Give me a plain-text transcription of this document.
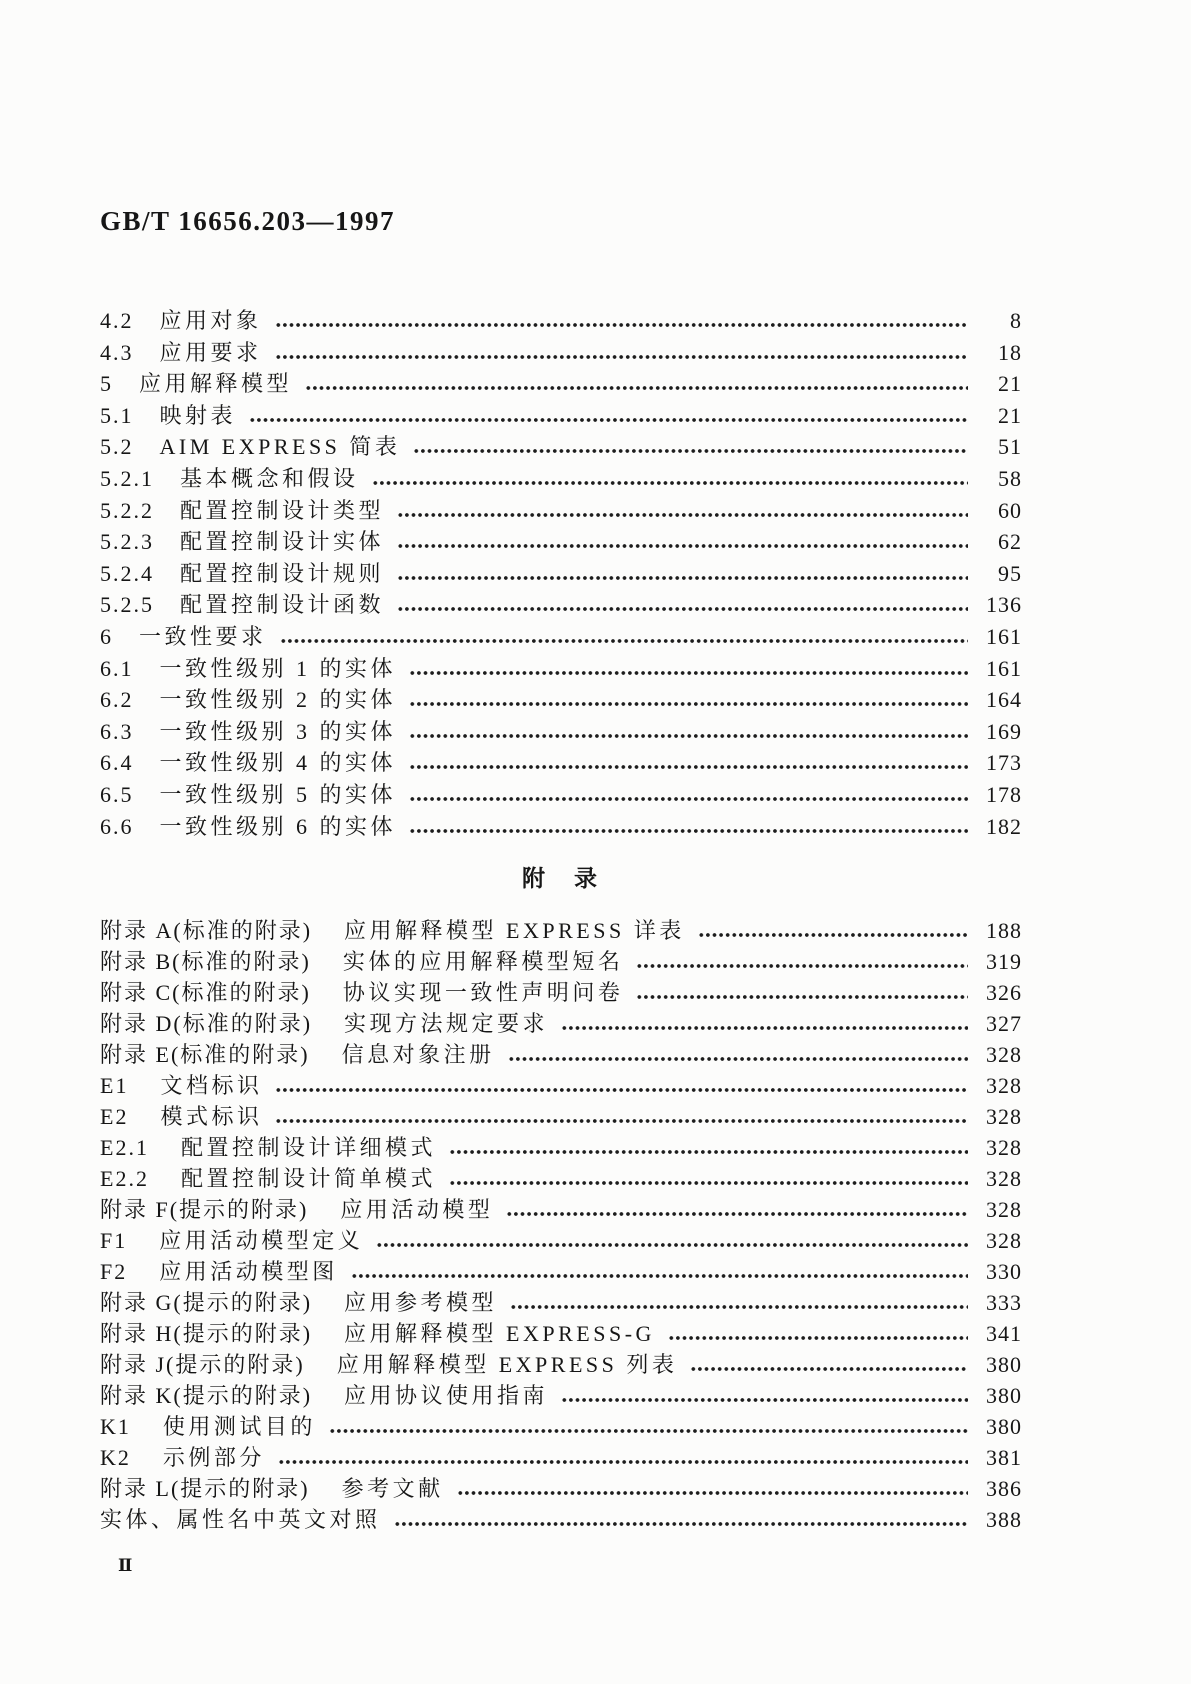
GB/T 16656.203—1997
4.2 应用对象	8
4.3 应用要求	18
5 应用解释模型	21
5.1 映射表	21
5.2 AIM EXPRESS 简表	51
5.2.1 基本概念和假设	58
5.2.2 配置控制设计类型	60
5.2.3 配置控制设计实体	62
5.2.4 配置控制设计规则	95
5.2.5 配置控制设计函数	136
6 一致性要求	161
6.1 一致性级别 1 的实体	161
6.2 一致性级别 2 的实体	164
6.3 一致性级别 3 的实体	169
6.4 一致性级别 4 的实体	173
6.5 一致性级别 5 的实体	178
6.6 一致性级别 6 的实体	182
附　录
附录 A(标准的附录) 应用解释模型 EXPRESS 详表	188
附录 B(标准的附录) 实体的应用解释模型短名	319
附录 C(标准的附录) 协议实现一致性声明问卷	326
附录 D(标准的附录) 实现方法规定要求	327
附录 E(标准的附录) 信息对象注册	328
E1 文档标识	328
E2 模式标识	328
E2.1 配置控制设计详细模式	328
E2.2 配置控制设计简单模式	328
附录 F(提示的附录) 应用活动模型	328
F1 应用活动模型定义	328
F2 应用活动模型图	330
附录 G(提示的附录) 应用参考模型	333
附录 H(提示的附录) 应用解释模型 EXPRESS-G	341
附录 J(提示的附录) 应用解释模型 EXPRESS 列表	380
附录 K(提示的附录) 应用协议使用指南	380
K1 使用测试目的	380
K2 示例部分	381
附录 L(提示的附录) 参考文献	386
实体、属性名中英文对照	388
Ⅱ
